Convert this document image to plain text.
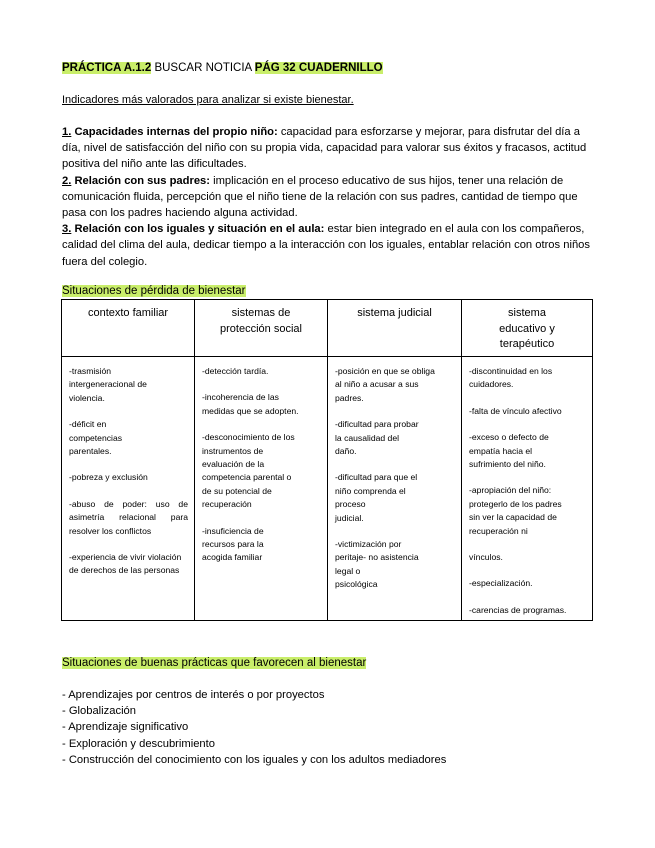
PRÁCTICA A.1.2 BUSCAR NOTICIA PÁG 32 CUADERNILLO
Indicadores más valorados para analizar si existe bienestar.

1. Capacidades internas del propio niño: capacidad para esforzarse y mejorar, para disfrutar del día a día, nivel de satisfacción del niño con su propia vida, capacidad para valorar sus éxitos y fracasos, actitud positiva del niño ante las dificultades.

2. Relación con sus padres: implicación en el proceso educativo de sus hijos, tener una relación de comunicación fluida, percepción que el niño tiene de la relación con sus padres, cantidad de tiempo que pasa con los padres haciendo alguna actividad.

3. Relación con los iguales y situación en el aula: estar bien integrado en el aula con los compañeros, calidad del clima del aula, dedicar tiempo a la interacción con los iguales, entablar relación con otros niños fuera del colegio.

Situaciones de pérdida de bienestar
contexto familiar
-trasmisión
intergeneracional de
violencia.
-déficit en
competencias
parentales.
-pobreza y exclusión
-abuso de poder: uso de asimetría relacional para resolver los conflictos
-experiencia de vivir violación de derechos de las personas
sistemas de
protección social
-detección tardía.
-incoherencia de las
medidas que se adopten.
-desconocimiento de los
instrumentos de
evaluación de la
competencia parental o
de su potencial de
recuperación
-insuficiencia de
recursos para la
acogida familiar
sistema judicial
-posición en que se obliga
al niño a acusar a sus
padres.
-dificultad para probar
la causalidad del
daño.
-dificultad para que el
niño comprenda el
proceso
judicial.
-victimización por
peritaje- no asistencia
legal o
psicológica
sistema
educativo y
terapéutico
-discontinuidad en los
cuidadores.
-falta de vínculo afectivo
-exceso o defecto de
empatía hacia el
sufrimiento del niño.
-apropiación del niño:
protegerlo de los padres
sin ver la capacidad de
recuperación ni
vínculos.
-especialización.
-carencias de programas.
Situaciones de buenas prácticas que favorecen al bienestar
- Aprendizajes por centros de interés o por proyectos
- Globalización
- Aprendizaje significativo
- Exploración y descubrimiento
- Construcción del conocimiento con los iguales y con los adultos mediadores
